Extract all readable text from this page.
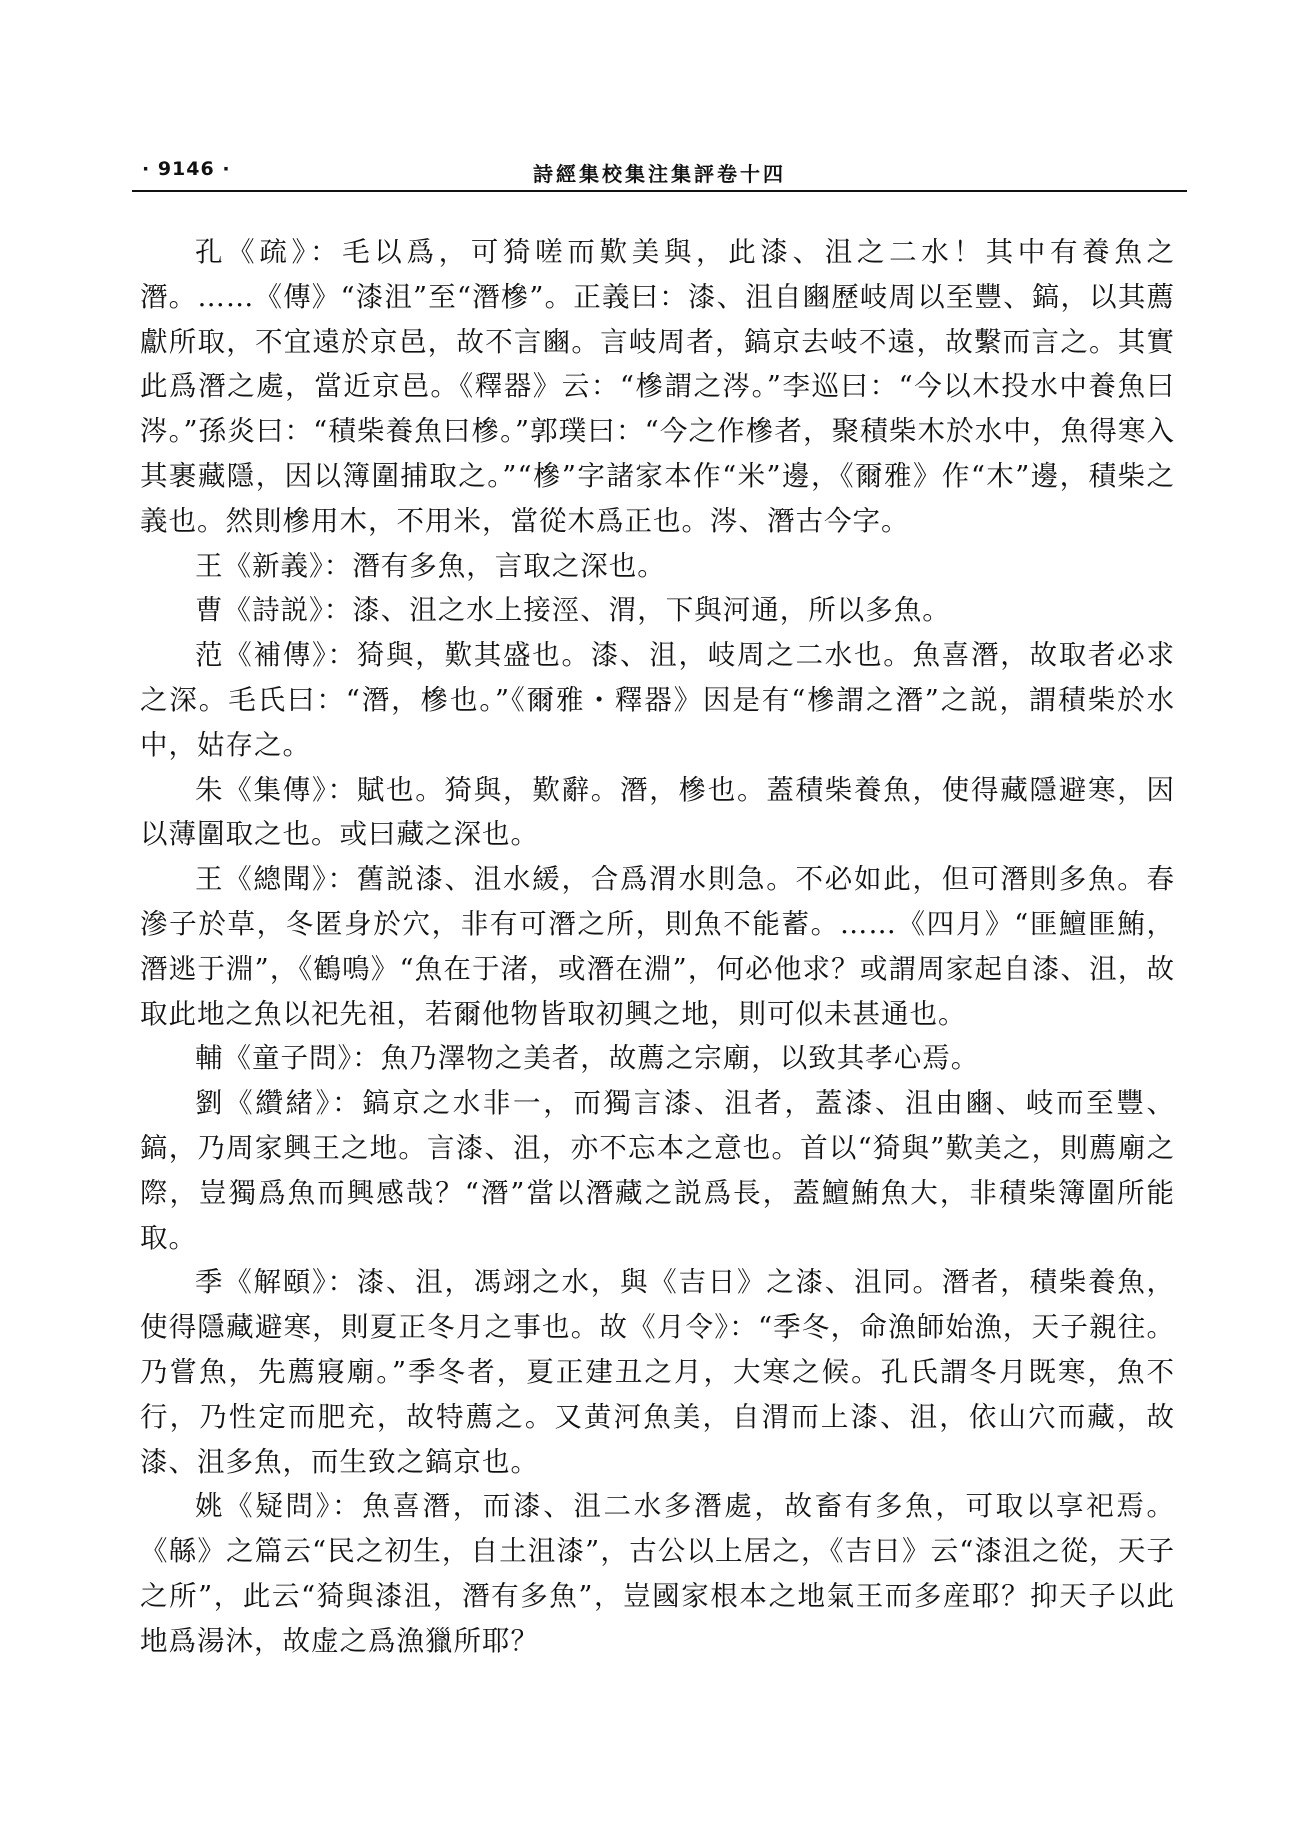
· 9146 ·	詩經集校集注集評卷十四

孔《疏》：毛以爲，可猗嗟而歎美與，此漆、沮之二水！其中有養魚之潛。……《傳》“漆沮”至“潛槮”。正義曰：漆、沮自豳歷岐周以至豐、鎬，以其薦獻所取，不宜遠於京邑，故不言豳。言岐周者，鎬京去岐不遠，故繫而言之。其實此爲潛之處，當近京邑。《釋器》云：“槮謂之涔。”李巡曰：“今以木投水中養魚曰涔。”孫炎曰：“積柴養魚曰槮。”郭璞曰：“今之作槮者，聚積柴木於水中，魚得寒入其裹藏隱，因以簿圍捕取之。”“槮”字諸家本作“米”邊，《爾雅》作“木”邊，積柴之義也。然則槮用木，不用米，當從木爲正也。涔、潛古今字。

王《新義》：潛有多魚，言取之深也。

曹《詩説》：漆、沮之水上接涇、渭，下與河通，所以多魚。

范《補傳》：猗與，歎其盛也。漆、沮，岐周之二水也。魚喜潛，故取者必求之深。毛氏曰：“潛，槮也。”《爾雅・釋器》因是有“槮謂之潛”之説，謂積柴於水中，姑存之。

朱《集傳》：賦也。猗與，歎辭。潛，槮也。蓋積柴養魚，使得藏隱避寒，因以薄圍取之也。或曰藏之深也。

王《總聞》：舊説漆、沮水緩，合爲渭水則急。不必如此，但可潛則多魚。春滲子於草，冬匿身於穴，非有可潛之所，則魚不能蓄。……《四月》“匪鱣匪鮪，潛逃于淵”，《鶴鳴》“魚在于渚，或潛在淵”，何必他求？或謂周家起自漆、沮，故取此地之魚以祀先祖，若爾他物皆取初興之地，則可似未甚通也。

輔《童子問》：魚乃澤物之美者，故薦之宗廟，以致其孝心焉。

劉《纘緒》：鎬京之水非一，而獨言漆、沮者，蓋漆、沮由豳、岐而至豐、鎬，乃周家興王之地。言漆、沮，亦不忘本之意也。首以“猗與”歎美之，則薦廟之際，豈獨爲魚而興感哉？“潛”當以潛藏之説爲長，蓋鱣鮪魚大，非積柴簿圍所能取。

季《解頤》：漆、沮，馮翊之水，與《吉日》之漆、沮同。潛者，積柴養魚，使得隱藏避寒，則夏正冬月之事也。故《月令》：“季冬，命漁師始漁，天子親往。乃嘗魚，先薦寢廟。”季冬者，夏正建丑之月，大寒之候。孔氏謂冬月既寒，魚不行，乃性定而肥充，故特薦之。又黄河魚美，自渭而上漆、沮，依山穴而藏，故漆、沮多魚，而生致之鎬京也。

姚《疑問》：魚喜潛，而漆、沮二水多潛處，故畜有多魚，可取以享祀焉。《緜》之篇云“民之初生，自土沮漆”，古公以上居之，《吉日》云“漆沮之從，天子之所”，此云“猗與漆沮，潛有多魚”，豈國家根本之地氣王而多産耶？抑天子以此地爲湯沐，故虚之爲漁獵所耶？
